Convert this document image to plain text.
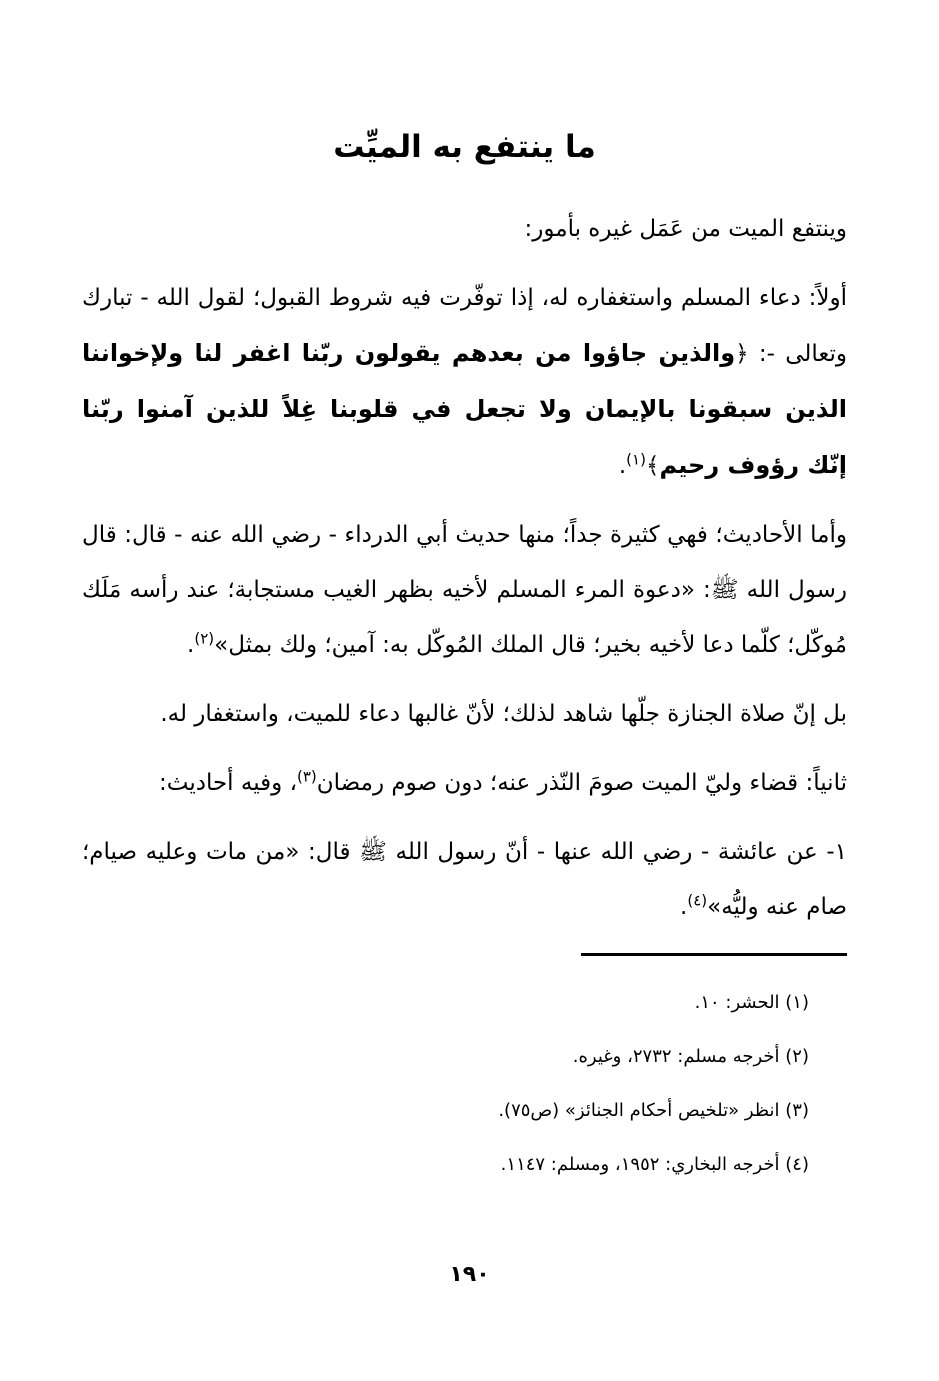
ما ينتفع به الميِّت

وينتفع الميت من عَمَل غيره بأمور:

أولاً: دعاء المسلم واستغفاره له، إذا توفّرت فيه شروط القبول؛ لقول الله - تبارك وتعالى -: ﴿والذين جاؤوا من بعدهم يقولون ربّنا اغفر لنا ولإخواننا الذين سبقونا بالإيمان ولا تجعل في قلوبنا غِلاً للذين آمنوا ربّنا إنّك رؤوف رحيم﴾$^{(١)}$.

وأما الأحاديث؛ فهي كثيرة جداً؛ منها حديث أبي الدرداء - رضي الله عنه - قال: قال رسول الله ﷺ: «دعوة المرء المسلم لأخيه بظهر الغيب مستجابة؛ عند رأسه مَلَك مُوكّل؛ كلّما دعا لأخيه بخير؛ قال الملك المُوكّل به: آمين؛ ولك بمثل»$^{(٢)}$.

بل إنّ صلاة الجنازة جلّها شاهد لذلك؛ لأنّ غالبها دعاء للميت، واستغفار له.

ثانياً: قضاء وليّ الميت صومَ النّذر عنه؛ دون صوم رمضان$^{(٣)}$، وفيه أحاديث:

١- عن عائشة - رضي الله عنها - أنّ رسول الله ﷺ قال: «من مات وعليه صيام؛ صام عنه وليُّه»$^{(٤)}$.

(١) الحشر: ١٠.
(٢) أخرجه مسلم: ٢٧٣٢، وغيره.
(٣) انظر «تلخيص أحكام الجنائز» (ص٧٥).
(٤) أخرجه البخاري: ١٩٥٢، ومسلم: ١١٤٧.
١٩٠
